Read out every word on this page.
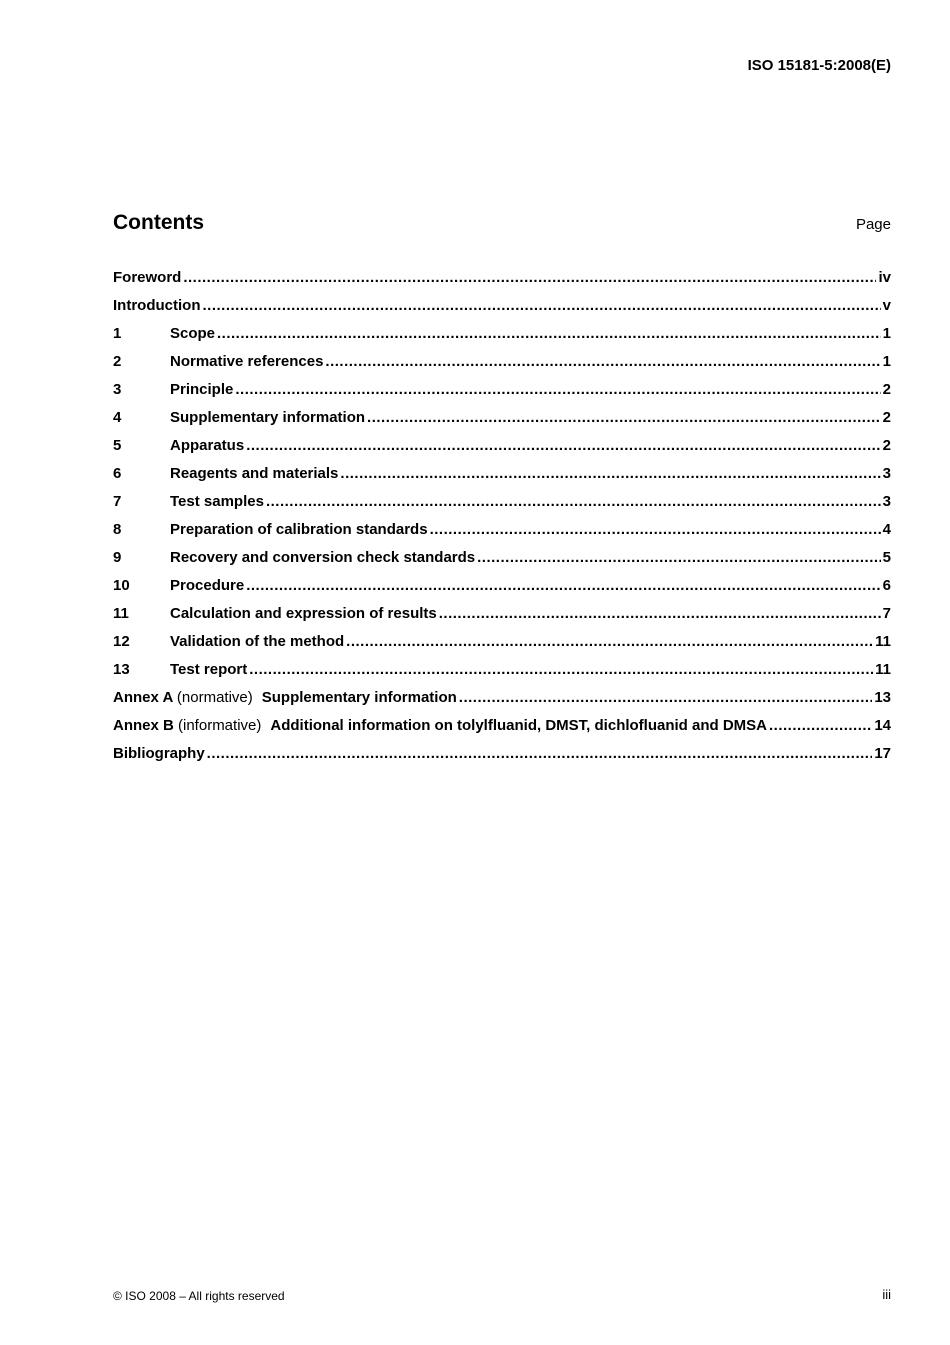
ISO 15181-5:2008(E)
Contents	Page
Foreword .....	iv
Introduction .....	v
1	Scope .....	1
2	Normative references .....	1
3	Principle .....	2
4	Supplementary information .....	2
5	Apparatus .....	2
6	Reagents and materials .....	3
7	Test samples .....	3
8	Preparation of calibration standards .....	4
9	Recovery and conversion check standards .....	5
10	Procedure .....	6
11	Calculation and expression of results .....	7
12	Validation of the method .....	11
13	Test report .....	11
Annex A (normative) Supplementary information .....	13
Annex B (informative) Additional information on tolylfluanid, DMST, dichlofluanid and DMSA .....	14
Bibliography .....	17
© ISO 2008 – All rights reserved	iii
